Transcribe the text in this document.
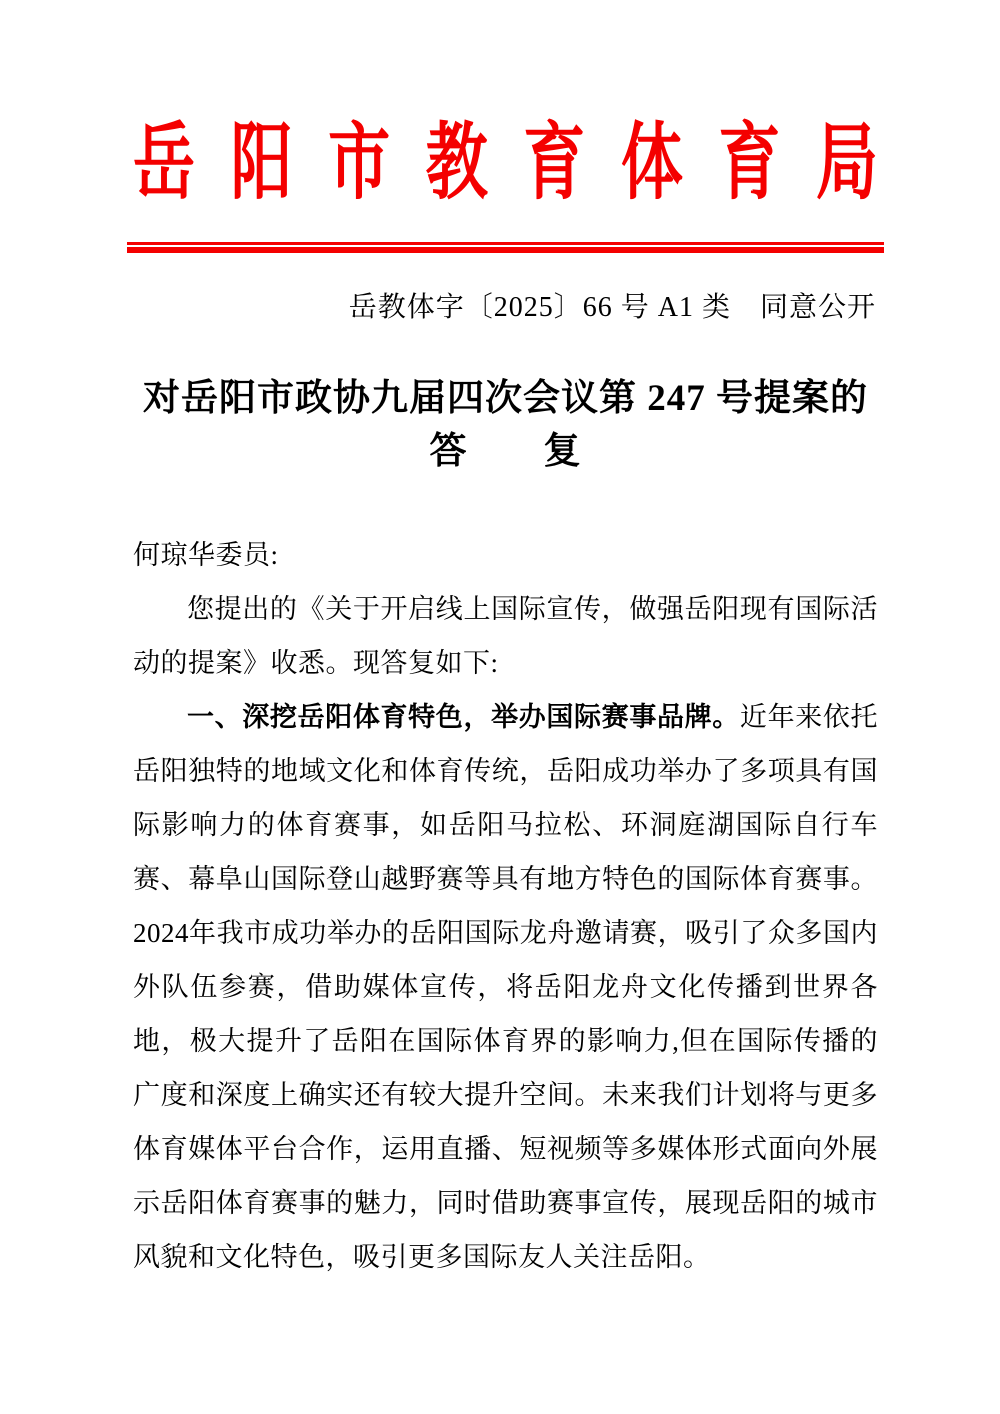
岳阳市教育体育局
岳教体字〔2025〕66 号 A1 类　同意公开
对岳阳市政协九届四次会议第 247 号提案的
答　　复

何琼华委员:

您提出的《关于开启线上国际宣传，做强岳阳现有国际活动的提案》收悉。现答复如下:

一、深挖岳阳体育特色，举办国际赛事品牌。近年来依托岳阳独特的地域文化和体育传统，岳阳成功举办了多项具有国际影响力的体育赛事，如岳阳马拉松、环洞庭湖国际自行车赛、幕阜山国际登山越野赛等具有地方特色的国际体育赛事。2024年我市成功举办的岳阳国际龙舟邀请赛，吸引了众多国内外队伍参赛，借助媒体宣传，将岳阳龙舟文化传播到世界各地，极大提升了岳阳在国际体育界的影响力,但在国际传播的广度和深度上确实还有较大提升空间。未来我们计划将与更多体育媒体平台合作，运用直播、短视频等多媒体形式面向外展示岳阳体育赛事的魅力，同时借助赛事宣传，展现岳阳的城市风貌和文化特色，吸引更多国际友人关注岳阳。
